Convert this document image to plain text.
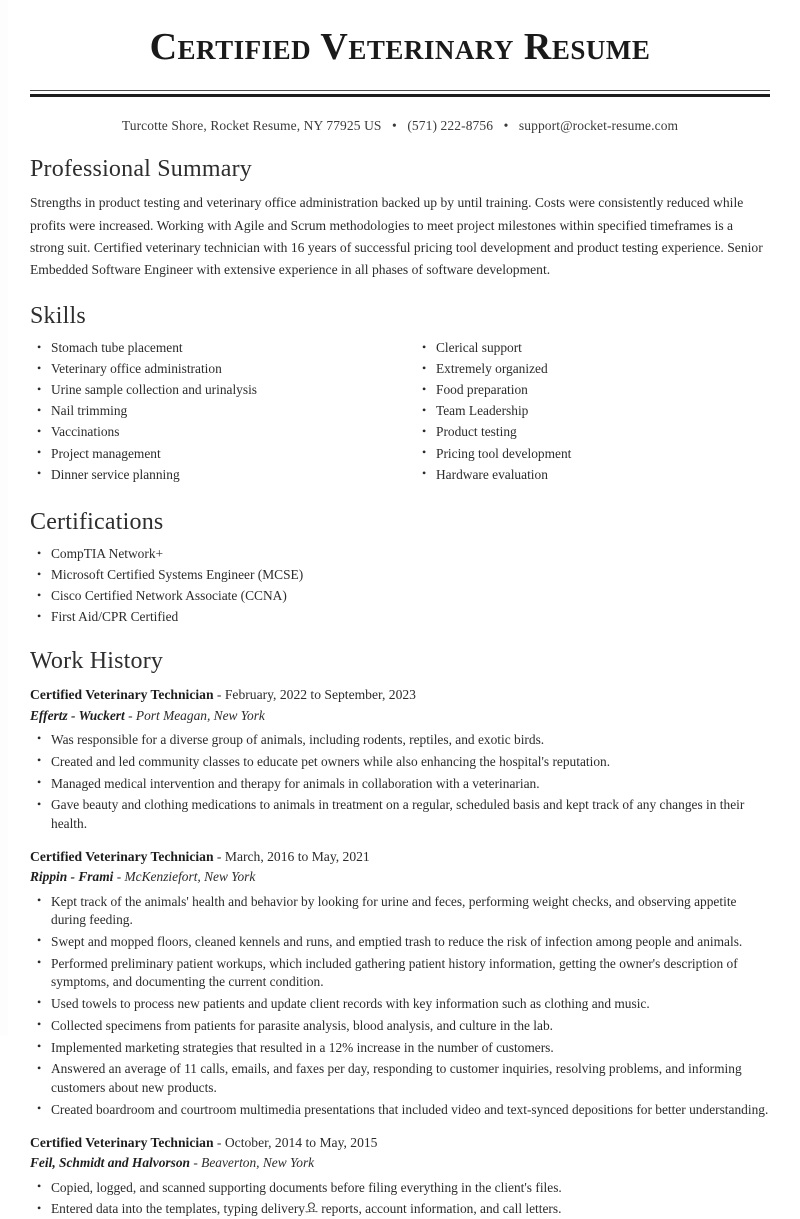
Certified Veterinary Resume
Turcotte Shore, Rocket Resume, NY 77925 US • (571) 222-8756 • support@rocket-resume.com
Professional Summary

Strengths in product testing and veterinary office administration backed up by until training. Costs were consistently reduced while profits were increased. Working with Agile and Scrum methodologies to meet project milestones within specified timeframes is a strong suit. Certified veterinary technician with 16 years of successful pricing tool development and product testing experience. Senior Embedded Software Engineer with extensive experience in all phases of software development.

Skills
• Stomach tube placement
• Veterinary office administration
• Urine sample collection and urinalysis
• Nail trimming
• Vaccinations
• Project management
• Dinner service planning
• Clerical support
• Extremely organized
• Food preparation
• Team Leadership
• Product testing
• Pricing tool development
• Hardware evaluation
Certifications
• CompTIA Network+
• Microsoft Certified Systems Engineer (MCSE)
• Cisco Certified Network Associate (CCNA)
• First Aid/CPR Certified
Work History
Certified Veterinary Technician - February, 2022 to September, 2023
Effertz - Wuckert - Port Meagan, New York
• Was responsible for a diverse group of animals, including rodents, reptiles, and exotic birds.
• Created and led community classes to educate pet owners while also enhancing the hospital's reputation.
• Managed medical intervention and therapy for animals in collaboration with a veterinarian.
• Gave beauty and clothing medications to animals in treatment on a regular, scheduled basis and kept track of any changes in their health.
Certified Veterinary Technician - March, 2016 to May, 2021
Rippin - Frami - McKenziefort, New York
• Kept track of the animals' health and behavior by looking for urine and feces, performing weight checks, and observing appetite during feeding.
• Swept and mopped floors, cleaned kennels and runs, and emptied trash to reduce the risk of infection among people and animals.
• Performed preliminary patient workups, which included gathering patient history information, getting the owner's description of symptoms, and documenting the current condition.
• Used towels to process new patients and update client records with key information such as clothing and music.
• Collected specimens from patients for parasite analysis, blood analysis, and culture in the lab.
• Implemented marketing strategies that resulted in a 12% increase in the number of customers.
• Answered an average of 11 calls, emails, and faxes per day, responding to customer inquiries, resolving problems, and informing customers about new products.
• Created boardroom and courtroom multimedia presentations that included video and text-synced depositions for better understanding.
Certified Veterinary Technician - October, 2014 to May, 2015
Feil, Schmidt and Halvorson - Beaverton, New York
• Copied, logged, and scanned supporting documents before filing everything in the client's files.
• Entered data into the templates, typing delivery요 reports, account information, and call letters.
